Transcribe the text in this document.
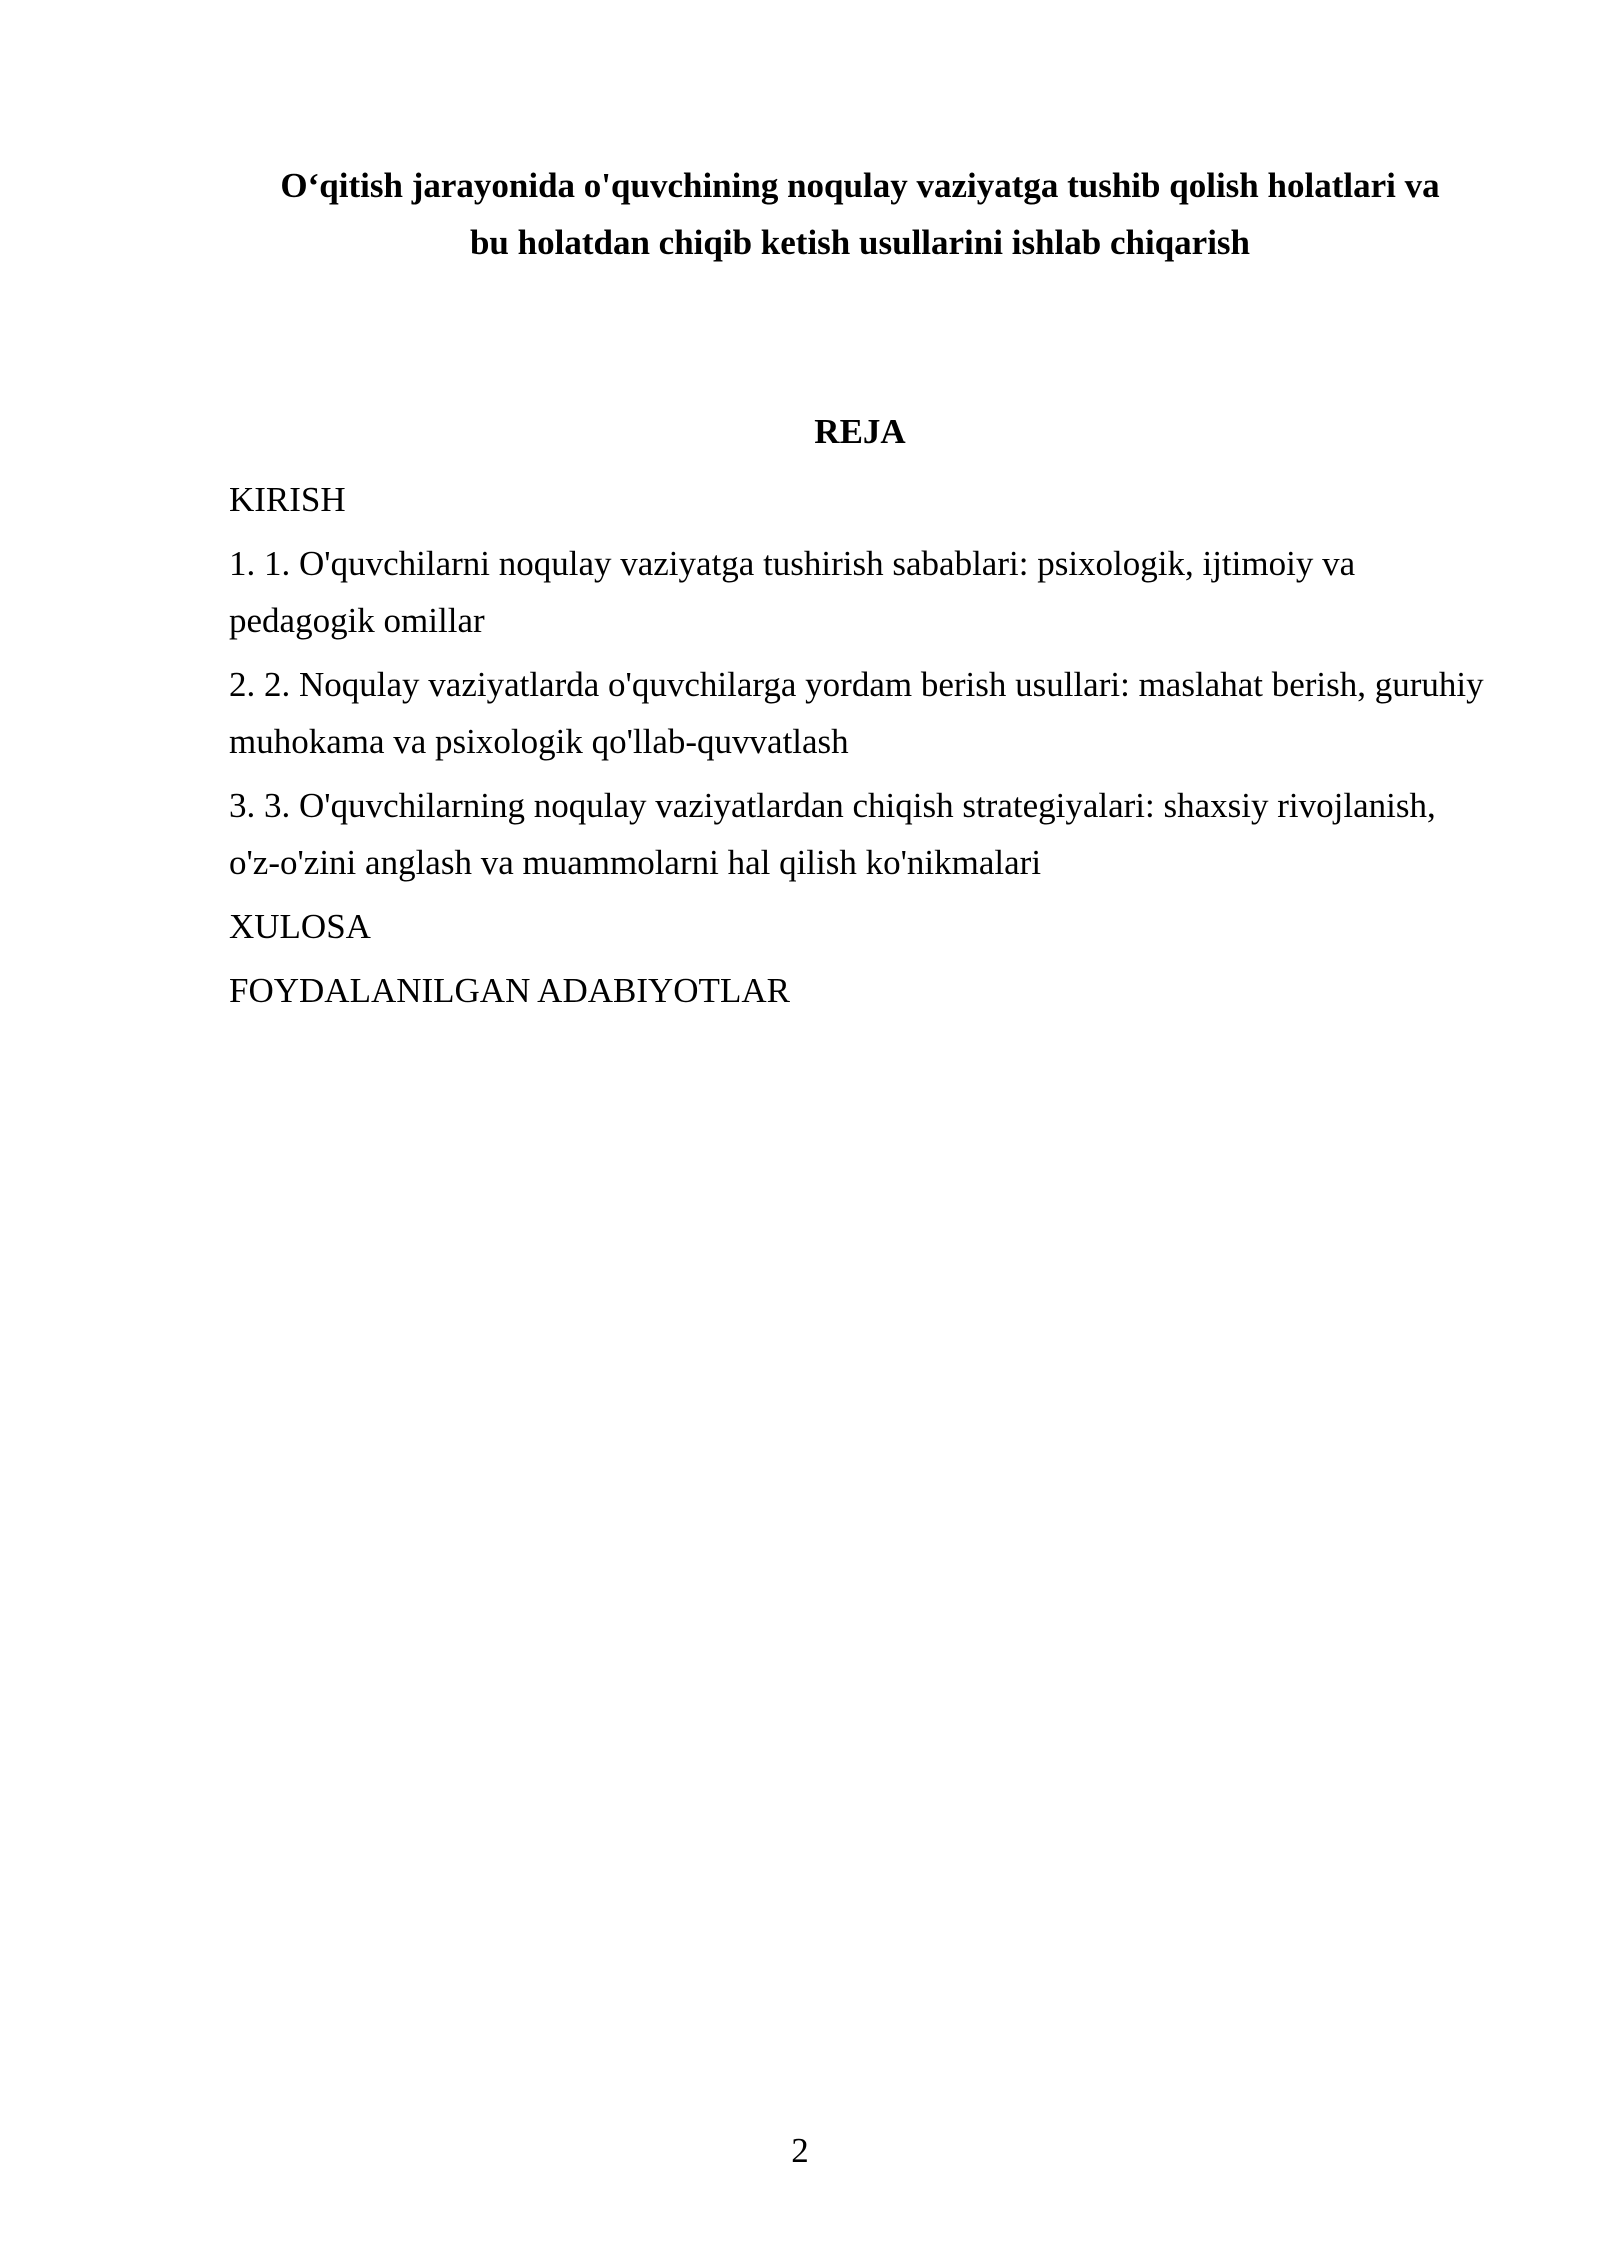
O‘qitish jarayonida o'quvchining noqulay vaziyatga tushib qolish holatlari va
bu holatdan chiqib ketish usullarini ishlab chiqarish
REJA
KIRISH
1. 1. O'quvchilarni noqulay vaziyatga tushirish sabablari: psixologik, ijtimoiy va pedagogik omillar
2. 2. Noqulay vaziyatlarda o'quvchilarga yordam berish usullari: maslahat berish, guruhiy muhokama va psixologik qo'llab-quvvatlash
3. 3. O'quvchilarning noqulay vaziyatlardan chiqish strategiyalari: shaxsiy rivojlanish, o'z-o'zini anglash va muammolarni hal qilish ko'nikmalari
XULOSA
FOYDALANILGAN ADABIYOTLAR
2
